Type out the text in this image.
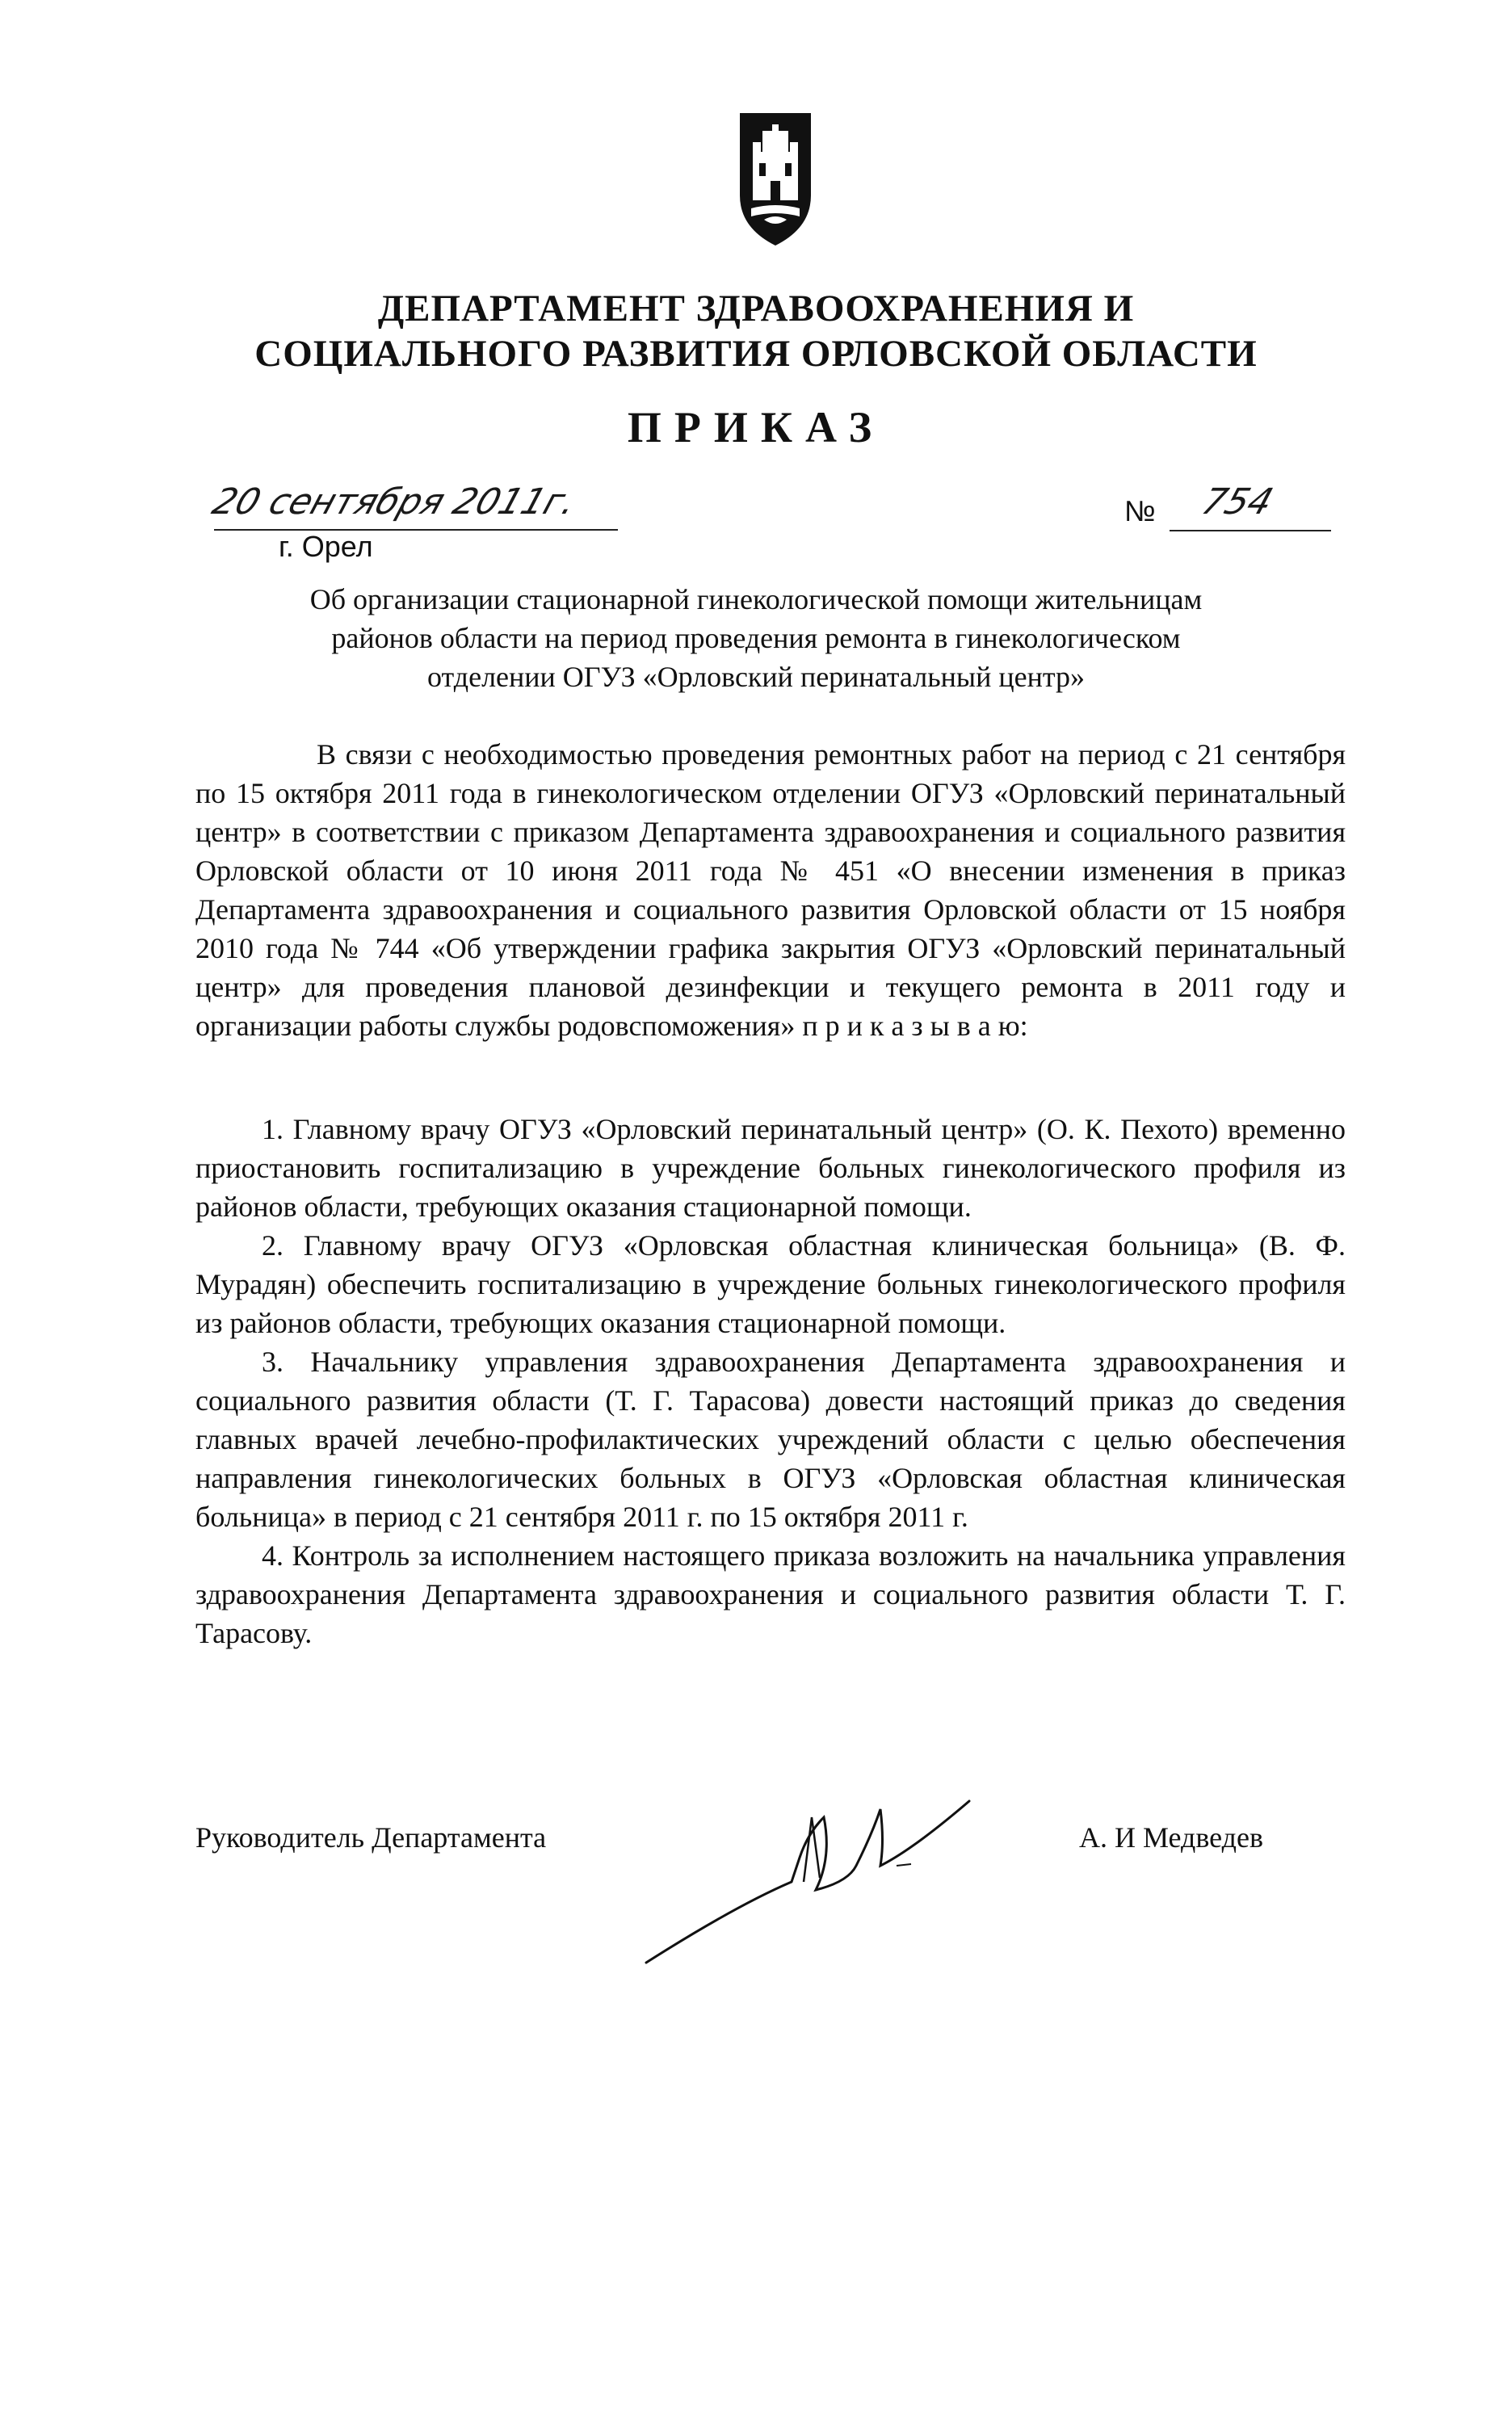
ДЕПАРТАМЕНТ ЗДРАВООХРАНЕНИЯ И
СОЦИАЛЬНОГО РАЗВИТИЯ ОРЛОВСКОЙ ОБЛАСТИ
ПРИКАЗ
20 сентября 2011г.
г. Орел
№ 754
Об организации стационарной гинекологической помощи жительницам
районов области на период проведения ремонта в гинекологическом
отделении ОГУЗ «Орловский перинатальный центр»
В связи с необходимостью проведения ремонтных работ на период с 21 сентября по 15 октября 2011 года в гинекологическом отделении ОГУЗ «Орловский перинатальный центр» в соответствии с приказом Департамента здравоохранения и социального развития Орловской области от 10 июня 2011 года № 451 «О внесении изменения в приказ Департамента здравоохранения и социального развития Орловской области от 15 ноября 2010 года № 744 «Об утверждении графика закрытия ОГУЗ «Орловский перинатальный центр» для проведения плановой дезинфекции и текущего ремонта в 2011 году и организации работы службы родовспоможения» п р и к а з ы в а ю:

1. Главному врачу ОГУЗ «Орловский перинатальный центр» (О. К. Пехото) временно приостановить госпитализацию в учреждение больных гинекологического профиля из районов области, требующих оказания стационарной помощи.

2. Главному врачу ОГУЗ «Орловская областная клиническая больница» (В. Ф. Мурадян) обеспечить госпитализацию в учреждение больных гинекологического профиля из районов области, требующих оказания стационарной помощи.

3. Начальнику управления здравоохранения Департамента здравоохранения и социального развития области (Т. Г. Тарасова) довести настоящий приказ до сведения главных врачей лечебно-профилактических учреждений области с целью обеспечения направления гинекологических больных в ОГУЗ «Орловская областная клиническая больница» в период с 21 сентября 2011 г. по 15 октября 2011 г.

4. Контроль за исполнением настоящего приказа возложить на начальника управления здравоохранения Департамента здравоохранения и социального развития области Т. Г. Тарасову.

Руководитель Департамента	А. И Медведев
